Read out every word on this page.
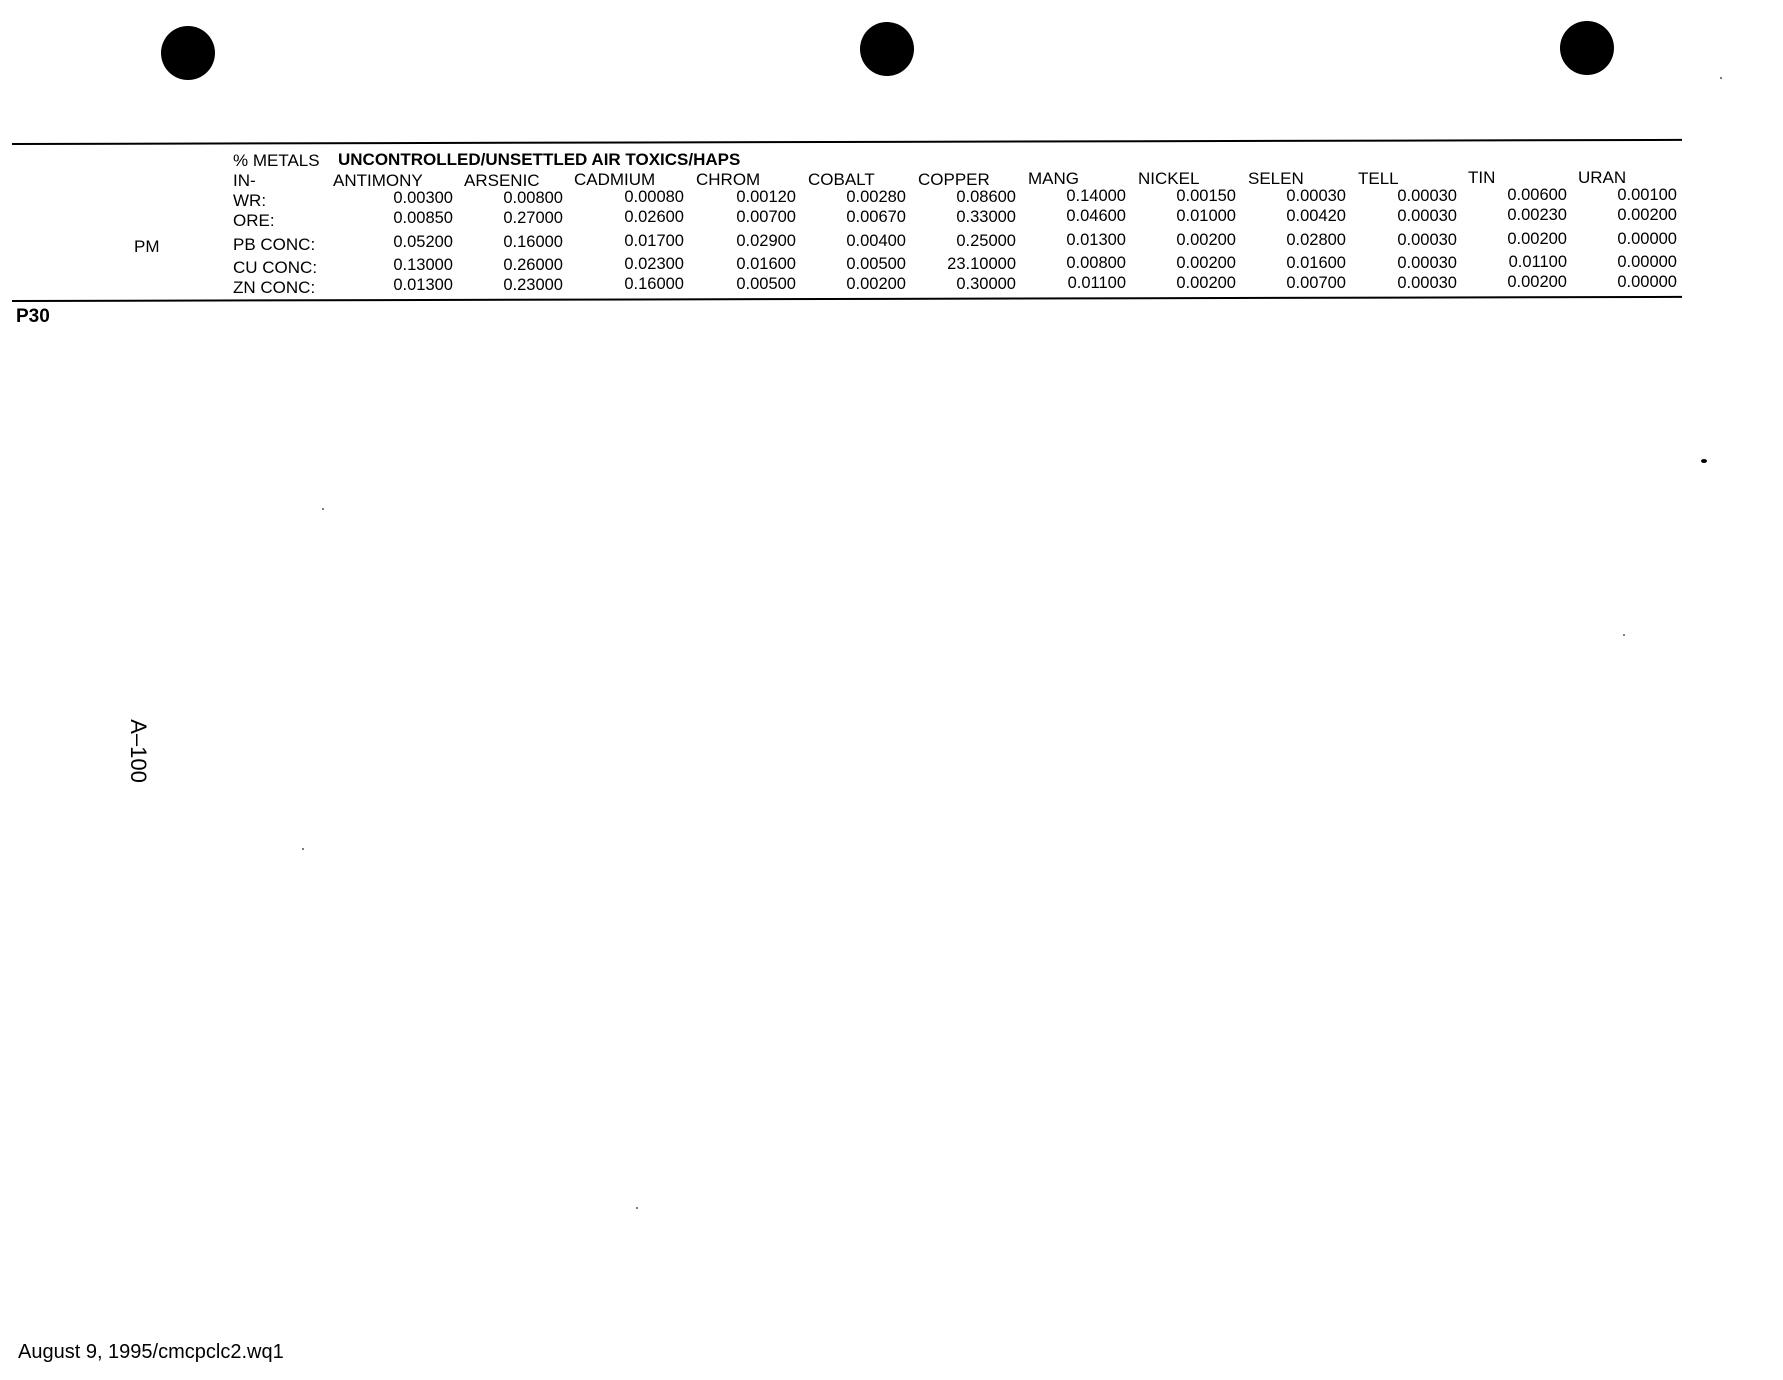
% METALS UNCONTROLLED/UNSETTLED AIR TOXICS/HAPS
IN-
PM
ANTIMONY ARSENIC CADMIUM CHROM	COBALT	COPPER MANG	NICKEL	SELEN	TELL	TIN	URAN
WR:	0.00300	0.00800	0.00080	0.00120	0.00280	0.08600	0.14000	0.00150	0.00030	0.00030	0.00600	0.00100
ORE:	0.00850	0.27000	0.02600	0.00700	0.00670	0.33000	0.04600	0.01000	0.00420	0.00030	0.00230	0.00200
PB CONC:	0.05200	0.16000	0.01700	0.02900	0.00400	0.25000	0.01300	0.00200	0.02800	0.00030	0.00200	0.00000
CU CONC:	0.13000	0.26000	0.02300	0.01600	0.00500	23.10000	0.00800	0.00200	0.01600	0.00030	0.01100	0.00000
ZN CONC:	0.01300	0.23000	0.16000	0.00500	0.00200	0.30000	0.01100	0.00200	0.00700	0.00030	0.00200	0.00000
P30
A–100
August 9, 1995/cmcpclc2.wq1
